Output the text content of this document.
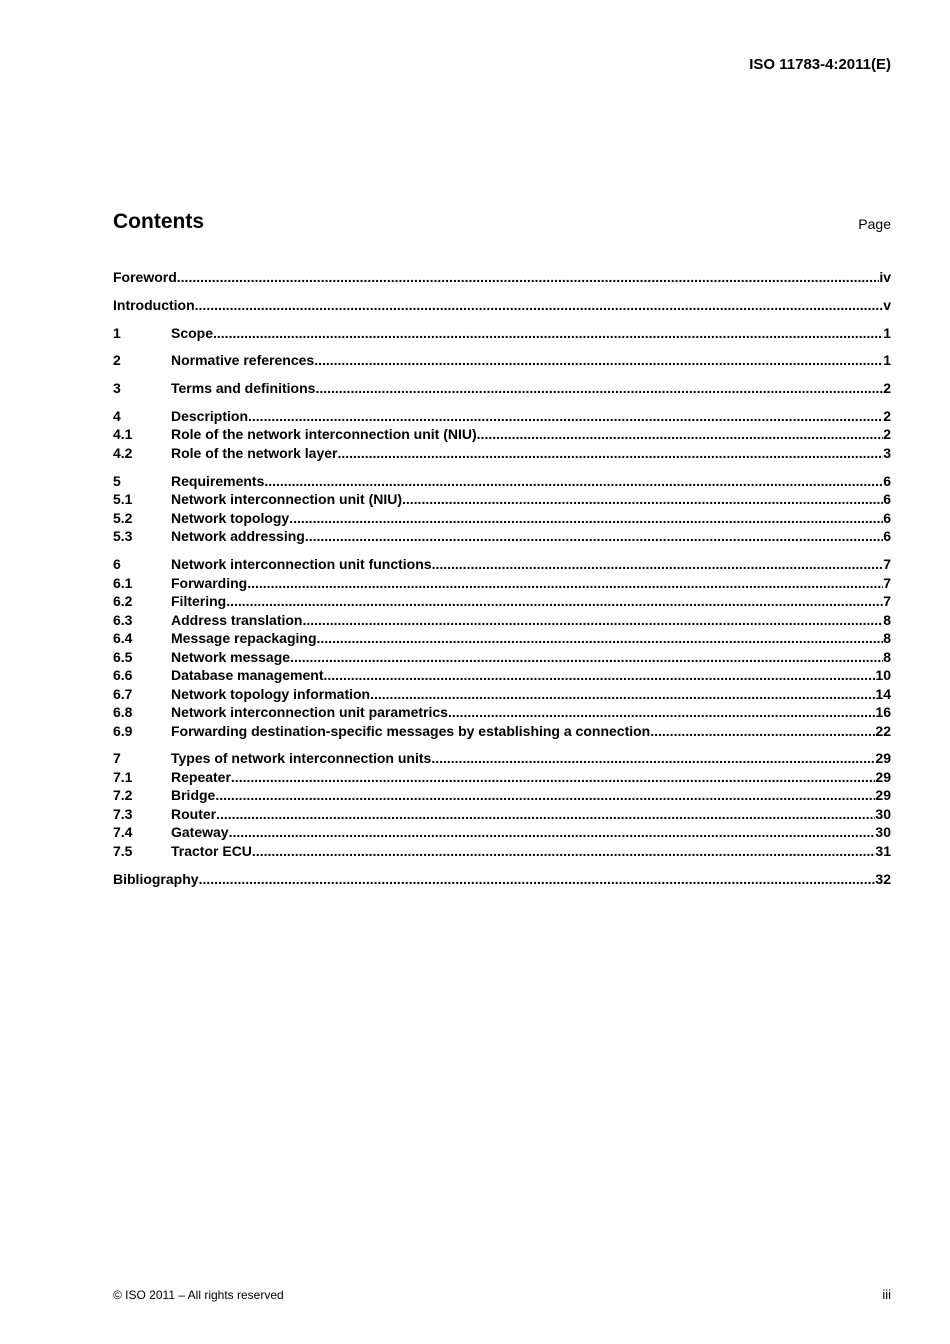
ISO 11783-4:2011(E)
Contents	Page
Foreword .....	iv
Introduction .....	v
1	Scope .....	1
2	Normative references .....	1
3	Terms and definitions .....	2
4	Description .....	2
4.1	Role of the network interconnection unit (NIU) .....	2
4.2	Role of the network layer .....	3
5	Requirements .....	6
5.1	Network interconnection unit (NIU) .....	6
5.2	Network topology .....	6
5.3	Network addressing .....	6
6	Network interconnection unit functions .....	7
6.1	Forwarding .....	7
6.2	Filtering .....	7
6.3	Address translation .....	8
6.4	Message repackaging .....	8
6.5	Network message .....	8
6.6	Database management .....	10
6.7	Network topology information .....	14
6.8	Network interconnection unit parametrics .....	16
6.9	Forwarding destination-specific messages by establishing a connection .....	22
7	Types of network interconnection units .....	29
7.1	Repeater .....	29
7.2	Bridge .....	29
7.3	Router .....	30
7.4	Gateway .....	30
7.5	Tractor ECU .....	31
Bibliography .....	32
© ISO 2011 – All rights reserved	iii
